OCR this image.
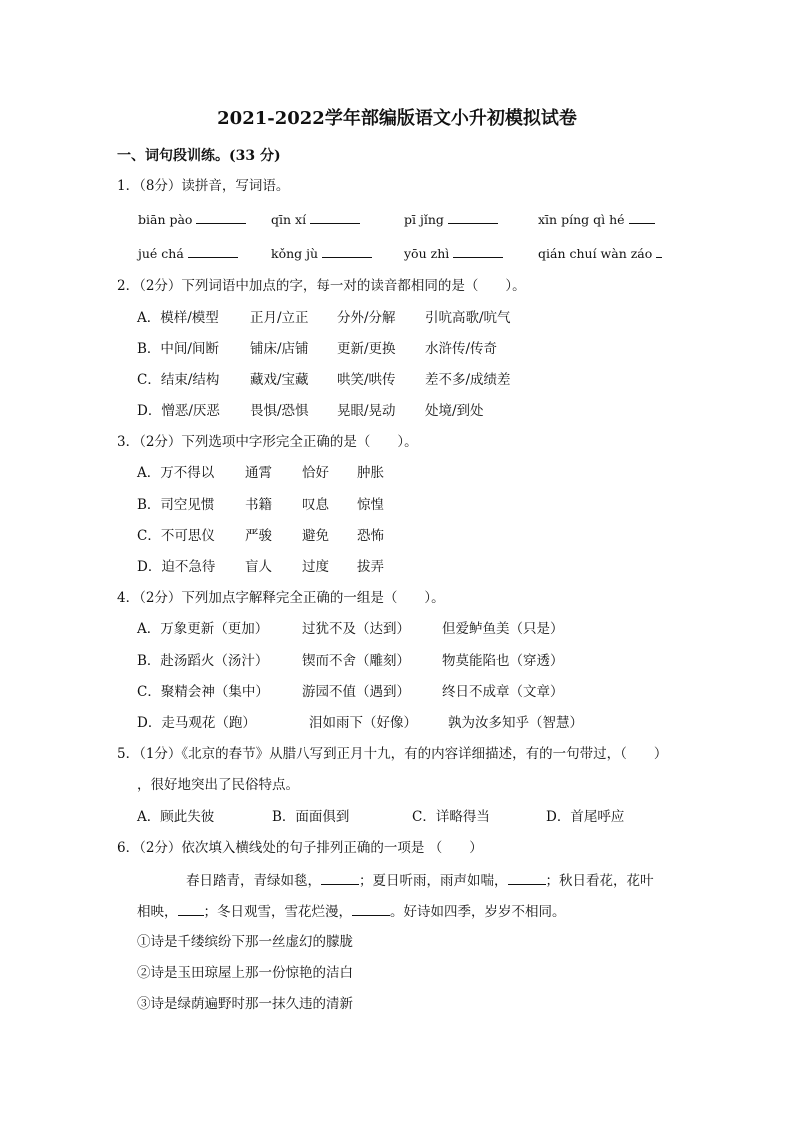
2021-2022学年部编版语文小升初模拟试卷
一、词句段训练。(33 分)
1．（8分）读拼音，写词语。
biān pào	qīn xí	pī jǐng	xīn píng qì hé
jué chá	kǒng jù	yōu zhì	qián chuí wàn záo
2．（2分）下列词语中加点的字，每一对的读音都相同的是（　　）。
A．模样/模型 正月/立正 分外/分解 引吭高歌/吭气
B．中间/间断 铺床/店铺 更新/更换 水浒传/传奇
C．结束/结构 藏戏/宝藏 哄笑/哄传 差不多/成绩差
D．憎恶/厌恶 畏惧/恐惧 晃眼/晃动 处境/到处
3．（2分）下列选项中字形完全正确的是（　　）。
A．万不得以 通霄 恰好 肿胀
B．司空见惯 书籍 叹息 惊惶
C．不可思仪 严骏 避免 恐怖
D．迫不急待 盲人 过度 拔弄
4．（2分）下列加点字解释完全正确的一组是（　　）。
A．万象更新（更加）	过犹不及（达到） 但爱鲈鱼美（只是）
B．赴汤蹈火（汤汁） 锲而不舍（雕刻） 物莫能陷也（穿透）
C．聚精会神（集中） 游园不值（遇到） 终日不成章（文章）
D．走马观花（跑）	泪如雨下（好像） 孰为汝多知乎（智慧）
5．（1分）《北京的春节》从腊八写到正月十九，有的内容详细描述，有的一句带过，（　　）
，很好地突出了民俗特点。
A．顾此失彼	B．面面俱到	C．详略得当	D．首尾呼应
6．（2分）依次填入横线处的句子排列正确的一项是 （　　）
春日踏青，青绿如毯，	；夏日听雨，雨声如喘，	；秋日看花，花叶
相映， ；冬日观雪，雪花烂漫，	。好诗如四季，岁岁不相同。
①诗是千缕缤纷下那一丝虚幻的朦胧
②诗是玉田琼屋上那一份惊艳的洁白
③诗是绿荫遍野时那一抹久违的清新
